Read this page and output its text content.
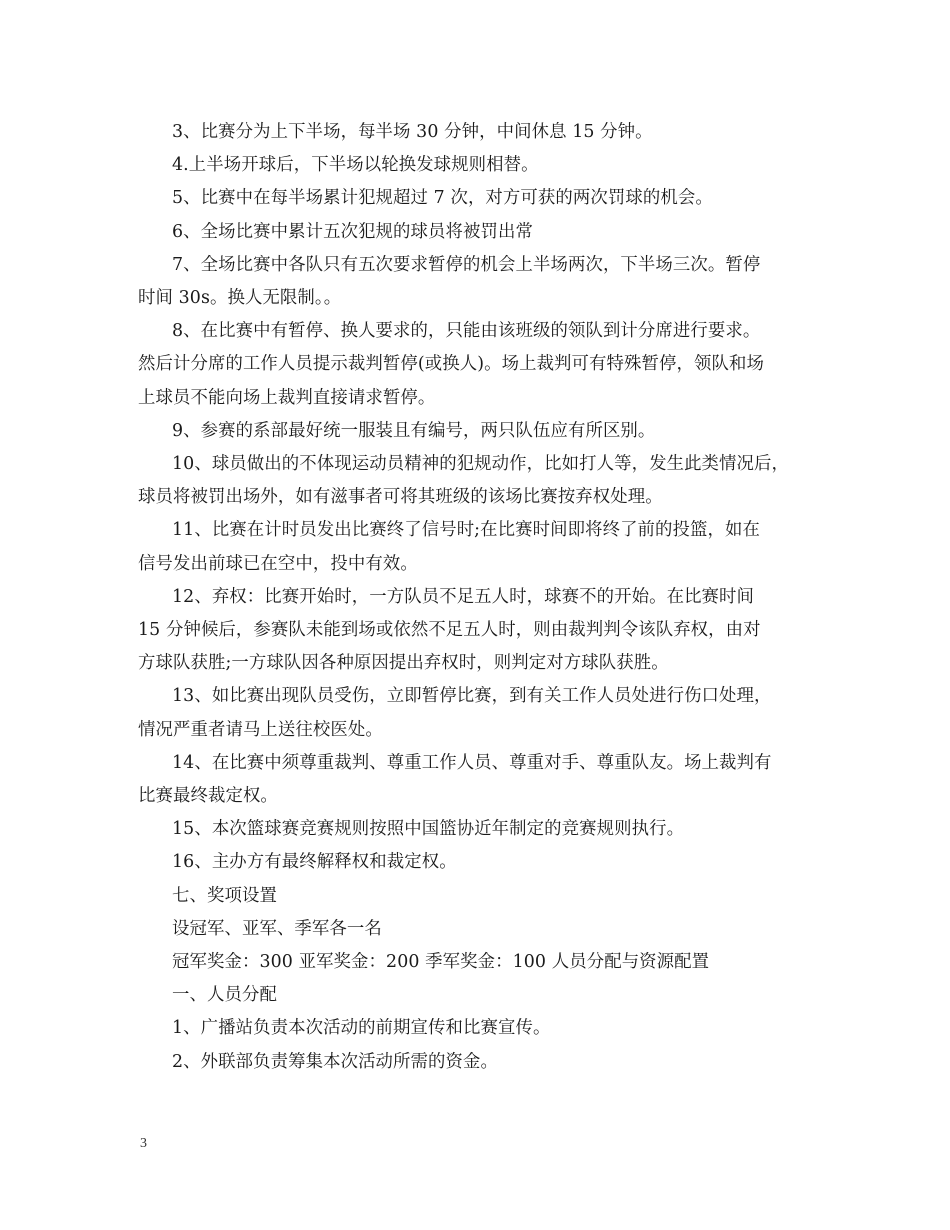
3、比赛分为上下半场，每半场 30 分钟，中间休息 15 分钟。

4.上半场开球后，下半场以轮换发球规则相替。

5、比赛中在每半场累计犯规超过 7 次，对方可获的两次罚球的机会。

6、全场比赛中累计五次犯规的球员将被罚出常

7、全场比赛中各队只有五次要求暂停的机会上半场两次，下半场三次。暂停
时间 30s。换人无限制。。

8、在比赛中有暂停、换人要求的，只能由该班级的领队到计分席进行要求。
然后计分席的工作人员提示裁判暂停(或换人)。场上裁判可有特殊暂停，领队和场
上球员不能向场上裁判直接请求暂停。

9、参赛的系部最好统一服装且有编号，两只队伍应有所区别。

10、球员做出的不体现运动员精神的犯规动作，比如打人等，发生此类情况后，
球员将被罚出场外，如有滋事者可将其班级的该场比赛按弃权处理。

11、比赛在计时员发出比赛终了信号时;在比赛时间即将终了前的投篮，如在
信号发出前球已在空中，投中有效。

12、弃权：比赛开始时，一方队员不足五人时，球赛不的开始。在比赛时间
15 分钟候后，参赛队未能到场或依然不足五人时，则由裁判判令该队弃权，由对
方球队获胜;一方球队因各种原因提出弃权时，则判定对方球队获胜。

13、如比赛出现队员受伤，立即暂停比赛，到有关工作人员处进行伤口处理，
情况严重者请马上送往校医处。

14、在比赛中须尊重裁判、尊重工作人员、尊重对手、尊重队友。场上裁判有
比赛最终裁定权。

15、本次篮球赛竞赛规则按照中国篮协近年制定的竞赛规则执行。

16、主办方有最终解释权和裁定权。

七、奖项设置

设冠军、亚军、季军各一名

冠军奖金：300 亚军奖金：200 季军奖金：100 人员分配与资源配置

一、人员分配

1、广播站负责本次活动的前期宣传和比赛宣传。

2、外联部负责筹集本次活动所需的资金。

3
